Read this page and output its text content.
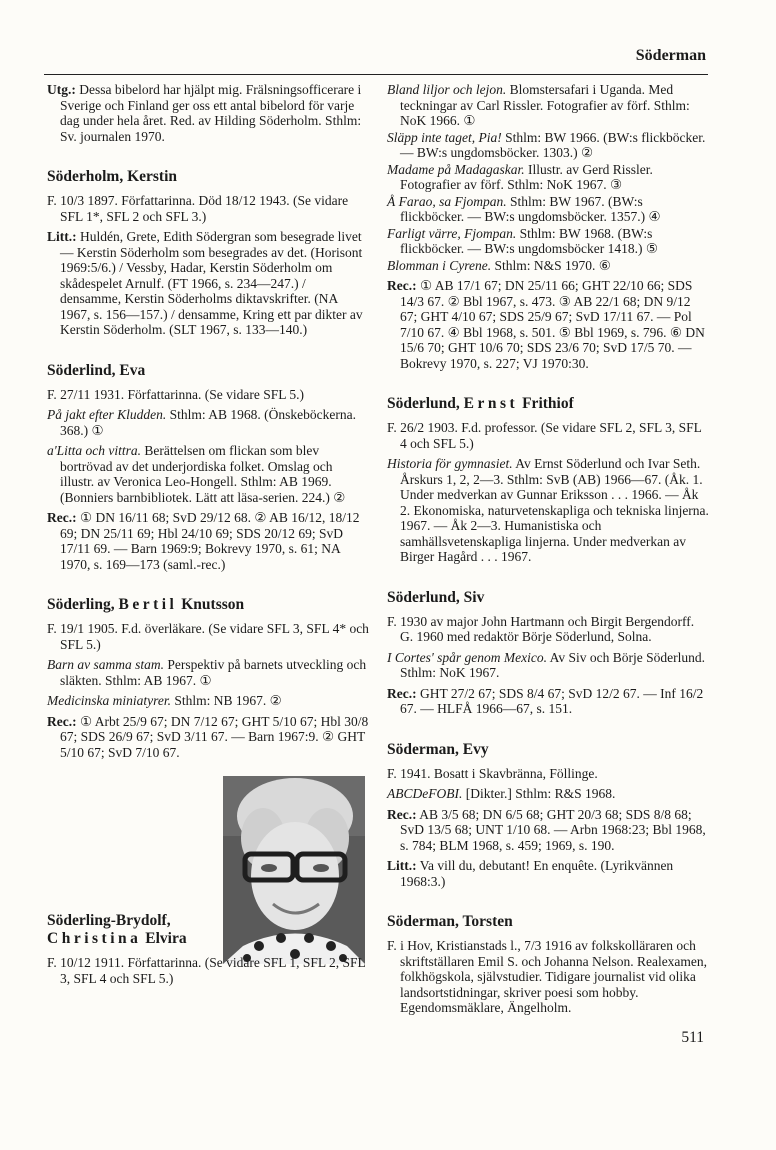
Söderman

Utg.: Dessa bibelord har hjälpt mig. Frälsningsofficerare i Sverige och Finland ger oss ett antal bibelord för varje dag under hela året. Red. av Hilding Söderholm. Sthlm: Sv. journalen 1970.

Söderholm, Kerstin

F. 10/3 1897. Författarinna. Död 18/12 1943. (Se vidare SFL 1*, SFL 2 och SFL 3.)

Litt.: Huldén, Grete, Edith Södergran som besegrade livet — Kerstin Söderholm som besegrades av det. (Horisont 1969:5/6.) / Vessby, Hadar, Kerstin Söderholm om skådespelet Arnulf. (FT 1966, s. 234—247.) / densamme, Kerstin Söderholms diktavskrifter. (NA 1967, s. 156—157.) / densamme, Kring ett par dikter av Kerstin Söderholm. (SLT 1967, s. 133—140.)

Söderlind, Eva

F. 27/11 1931. Författarinna. (Se vidare SFL 5.)

På jakt efter Kludden. Sthlm: AB 1968. (Önskeböckerna. 368.) ①

a'Litta och vittra. Berättelsen om flickan som blev bortrövad av det underjordiska folket. Omslag och illustr. av Veronica Leo-Hongell. Sthlm: AB 1969. (Bonniers barnbibliotek. Lätt att läsa-serien. 224.) ②

Rec.: ① DN 16/11 68; SvD 29/12 68. ② AB 16/12, 18/12 69; DN 25/11 69; Hbl 24/10 69; SDS 20/12 69; SvD 17/11 69. — Barn 1969:9; Bokrevy 1970, s. 61; NA 1970, s. 169—173 (saml.-rec.)

Söderling, Bertil Knutsson

F. 19/1 1905. F.d. överläkare. (Se vidare SFL 3, SFL 4* och SFL 5.)

Barn av samma stam. Perspektiv på barnets utveckling och släkten. Sthlm: AB 1967. ①

Medicinska miniatyrer. Sthlm: NB 1967. ②

Rec.: ① Arbt 25/9 67; DN 7/12 67; GHT 5/10 67; Hbl 30/8 67; SDS 26/9 67; SvD 3/11 67. — Barn 1967:9. ② GHT 5/10 67; SvD 7/10 67.

Söderling-Brydolf,
Christina Elvira

F. 10/12 1911. Författarinna. (Se vidare SFL 1, SFL 2, SFL 3, SFL 4 och SFL 5.)

Bland liljor och lejon. Blomstersafari i Uganda. Med teckningar av Carl Rissler. Fotografier av förf. Sthlm: NoK 1966. ①

Släpp inte taget, Pia! Sthlm: BW 1966. (BW:s flickböcker. — BW:s ungdomsböcker. 1303.) ②

Madame på Madagaskar. Illustr. av Gerd Rissler. Fotografier av förf. Sthlm: NoK 1967. ③

Å Farao, sa Fjompan. Sthlm: BW 1967. (BW:s flickböcker. — BW:s ungdomsböcker. 1357.) ④

Farligt värre, Fjompan. Sthlm: BW 1968. (BW:s flickböcker. — BW:s ungdomsböcker 1418.) ⑤

Blomman i Cyrene. Sthlm: N&S 1970. ⑥

Rec.: ① AB 17/1 67; DN 25/11 66; GHT 22/10 66; SDS 14/3 67. ② Bbl 1967, s. 473. ③ AB 22/1 68; DN 9/12 67; GHT 4/10 67; SDS 25/9 67; SvD 17/11 67. — Pol 7/10 67. ④ Bbl 1968, s. 501. ⑤ Bbl 1969, s. 796. ⑥ DN 15/6 70; GHT 10/6 70; SDS 23/6 70; SvD 17/5 70. — Bokrevy 1970, s. 227; VJ 1970:30.

Söderlund, Ernst Frithiof

F. 26/2 1903. F.d. professor. (Se vidare SFL 2, SFL 3, SFL 4 och SFL 5.)

Historia för gymnasiet. Av Ernst Söderlund och Ivar Seth. Årskurs 1, 2, 2—3. Sthlm: SvB (AB) 1966—67. (Åk. 1. Under medverkan av Gunnar Eriksson . . . 1966. — Åk 2. Ekonomiska, naturvetenskapliga och tekniska linjerna. 1967. — Åk 2—3. Humanistiska och samhällsvetenskapliga linjerna. Under medverkan av Birger Hagård . . . 1967.

Söderlund, Siv

F. 1930 av major John Hartmann och Birgit Bergendorff. G. 1960 med redaktör Börje Söderlund, Solna.

I Cortes' spår genom Mexico. Av Siv och Börje Söderlund. Sthlm: NoK 1967.

Rec.: GHT 27/2 67; SDS 8/4 67; SvD 12/2 67. — Inf 16/2 67. — HLFÅ 1966—67, s. 151.

Söderman, Evy

F. 1941. Bosatt i Skavbränna, Föllinge.

ABCDeFOBI. [Dikter.] Sthlm: R&S 1968.

Rec.: AB 3/5 68; DN 6/5 68; GHT 20/3 68; SDS 8/8 68; SvD 13/5 68; UNT 1/10 68. — Arbn 1968:23; Bbl 1968, s. 784; BLM 1968, s. 459; 1969, s. 190.

Litt.: Va vill du, debutant! En enquête. (Lyrikvännen 1968:3.)

Söderman, Torsten

F. i Hov, Kristianstads l., 7/3 1916 av folkskolläraren och skriftställaren Emil S. och Johanna Nelson. Realexamen, folkhögskola, självstudier. Tidigare journalist vid olika landsortstidningar, skriver poesi som hobby. Egendomsmäklare, Ängelholm.

511
